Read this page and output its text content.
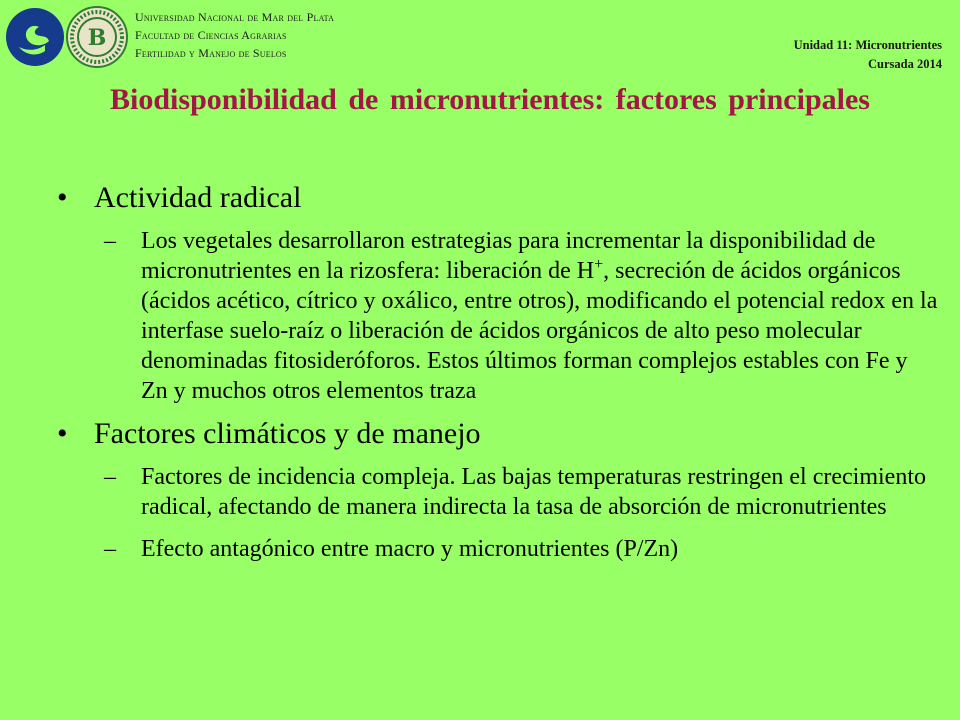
B
Universidad Nacional de Mar del Plata
Facultad de Ciencias Agrarias
Fertilidad y Manejo de Suelos
Unidad 11: Micronutrientes
Cursada 2014
Biodisponibilidad de micronutrientes: factores principales
• Actividad radical
– Los vegetales desarrollaron estrategias para incrementar la disponibilidad de micronutrientes en la rizosfera: liberación de H+, secreción de ácidos orgánicos (ácidos acético, cítrico y oxálico, entre otros), modificando el potencial redox en la interfase suelo-raíz o liberación de ácidos orgánicos de alto peso molecular denominadas fitosideróforos. Estos últimos forman complejos estables con Fe y Zn y muchos otros elementos traza
• Factores climáticos y de manejo
– Factores de incidencia compleja. Las bajas temperaturas restringen el crecimiento radical, afectando de manera indirecta la tasa de absorción de micronutrientes
– Efecto antagónico entre macro y micronutrientes (P/Zn)
